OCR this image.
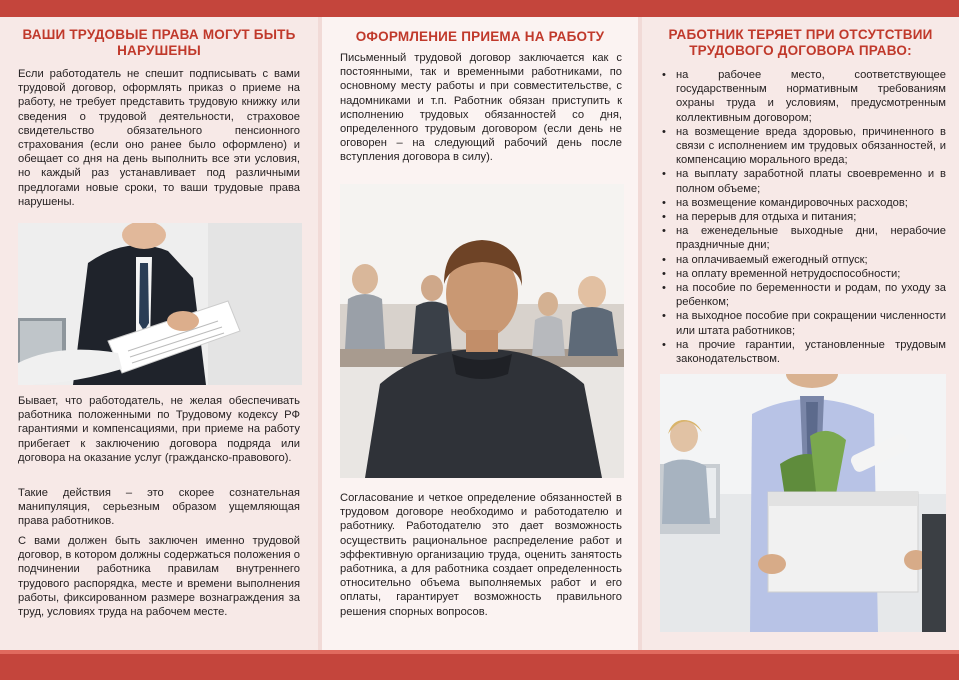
ВАШИ ТРУДОВЫЕ ПРАВА МОГУТ БЫТЬ НАРУШЕНЫ

Если работодатель не спешит подписывать с вами трудовой договор, оформлять приказ о приеме на работу, не требует представить трудовую книжку или сведения о трудовой деятельности, страховое свидетельство обязательного пенсионного страхования (если оно ранее было оформлено) и обещает со дня на день выполнить все эти условия, но каждый раз устанавливает под различными предлогами новые сроки, то ваши трудовые права нарушены.

Бывает, что работодатель, не желая обеспечивать работника положенными по Трудовому кодексу РФ гарантиями и компенсациями, при приеме на работу прибегает к заключению договора подряда или договора на оказание услуг (гражданско-правового).

Такие действия – это скорее сознательная манипуляция, серьезным образом ущемляющая права работников.

С вами должен быть заключен именно трудовой договор, в котором должны содержаться положения о подчинении работника правилам внутреннего трудового распорядка, месте и времени выполнения работы, фиксированном размере вознаграждения за труд, условиях труда на рабочем месте.

ОФОРМЛЕНИЕ ПРИЕМА НА РАБОТУ

Письменный трудовой договор заключается как с постоянными, так и временными работниками, по основному месту работы и при совместительстве, с надомниками и т.п. Работник обязан приступить к исполнению трудовых обязанностей со дня, определенного трудовым договором (если день не оговорен – на следующий рабочий день после вступления договора в силу).

Согласование и четкое определение обязанностей в трудовом договоре необходимо и работодателю и работнику. Работодателю это дает возможность осуществить рациональное распределение работ и эффективную организацию труда, оценить занятость работника, а для работника создает определенность относительно объема выполняемых работ и его оплаты, гарантирует возможность правильного решения спорных вопросов.

РАБОТНИК ТЕРЯЕТ ПРИ ОТСУТСТВИИ ТРУДОВОГО ДОГОВОРА ПРАВО:
• на рабочее место, соответствующее государственным нормативным требованиям охраны труда и условиям, предусмотренным коллективным договором;
• на возмещение вреда здоровью, причиненного в связи с исполнением им трудовых обязанностей, и компенсацию морального вреда;
• на выплату заработной платы своевременно и в полном объеме;
• на возмещение командировочных расходов;
• на перерыв для отдыха и питания;
• на еженедельные выходные дни, нерабочие праздничные дни;
• на оплачиваемый ежегодный отпуск;
• на оплату временной нетрудоспособности;
• на пособие по беременности и родам, по уходу за ребенком;
• на выходное пособие при сокращении численности или штата работников;
• на прочие гарантии, установленные трудовым законодательством.
